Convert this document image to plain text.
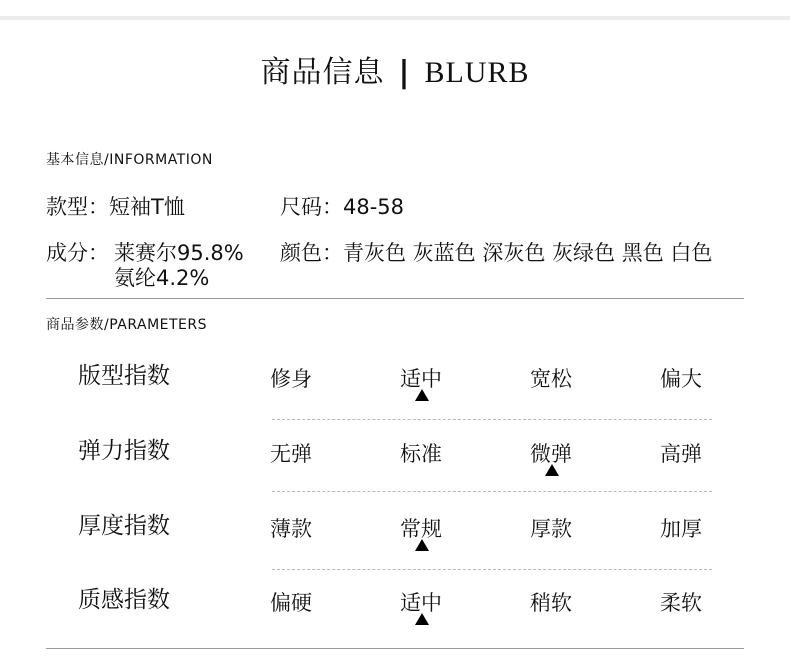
商品信息 | BLURB
基本信息/INFORMATION
款型：短袖T恤	尺码：48-58
成分： 莱赛尔95.8%
氨纶4.2%
颜色：青灰色 灰蓝色 深灰色 灰绿色 黑色 白色
商品参数/PARAMETERS
版型指数	修身	适中	宽松	偏大
弹力指数	无弹	标准	微弹	高弹
厚度指数	薄款	常规	厚款	加厚
质感指数	偏硬	适中	稍软	柔软
